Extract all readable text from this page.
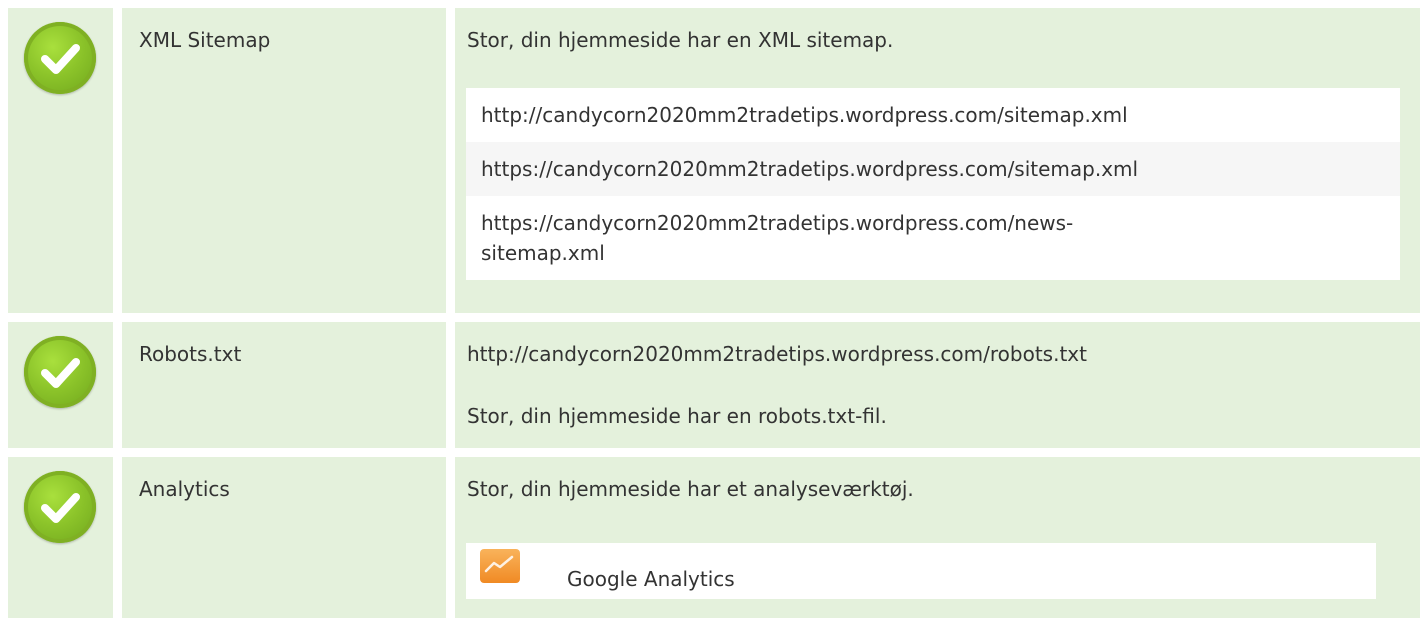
XML Sitemap	Stor, din hjemmeside har en XML sitemap.
http://candycorn2020mm2tradetips.wordpress.com/sitemap.xml
https://candycorn2020mm2tradetips.wordpress.com/sitemap.xml
https://candycorn2020mm2tradetips.wordpress.com/news-sitemap.xml
Robots.txt	http://candycorn2020mm2tradetips.wordpress.com/robots.txt
Stor, din hjemmeside har en robots.txt-fil.
Analytics	Stor, din hjemmeside har et analyseværktøj.
Google Analytics
